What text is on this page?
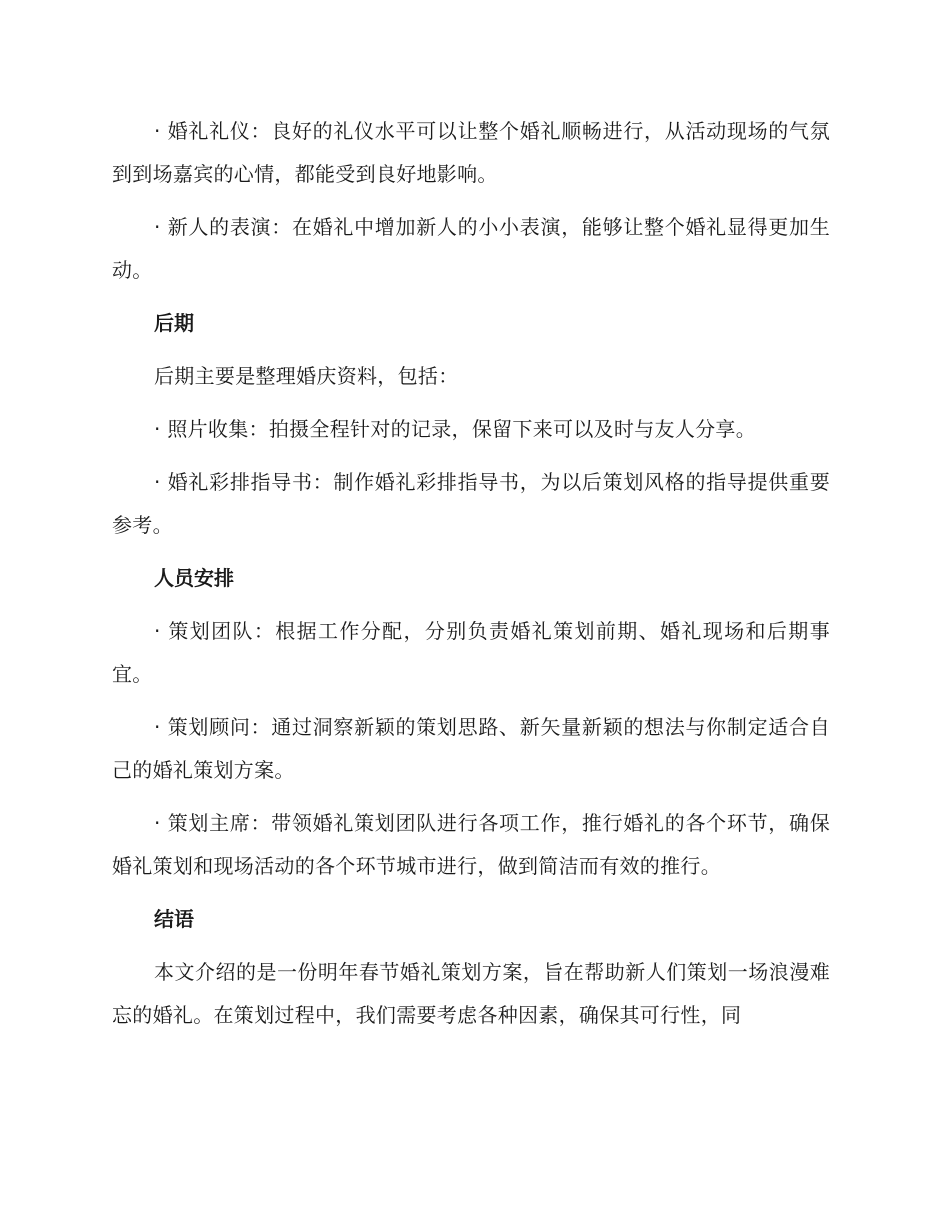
· 婚礼礼仪：良好的礼仪水平可以让整个婚礼顺畅进行，从活动现场的气氛到到场嘉宾的心情，都能受到良好地影响。

· 新人的表演：在婚礼中增加新人的小小表演，能够让整个婚礼显得更加生动。

后期

后期主要是整理婚庆资料，包括：

· 照片收集：拍摄全程针对的记录，保留下来可以及时与友人分享。

· 婚礼彩排指导书：制作婚礼彩排指导书，为以后策划风格的指导提供重要参考。

人员安排

· 策划团队：根据工作分配，分别负责婚礼策划前期、婚礼现场和后期事宜。

· 策划顾问：通过洞察新颖的策划思路、新矢量新颖的想法与你制定适合自己的婚礼策划方案。

· 策划主席：带领婚礼策划团队进行各项工作，推行婚礼的各个环节，确保婚礼策划和现场活动的各个环节城市进行，做到简洁而有效的推行。

结语

本文介绍的是一份明年春节婚礼策划方案，旨在帮助新人们策划一场浪漫难忘的婚礼。在策划过程中，我们需要考虑各种因素，确保其可行性，同
